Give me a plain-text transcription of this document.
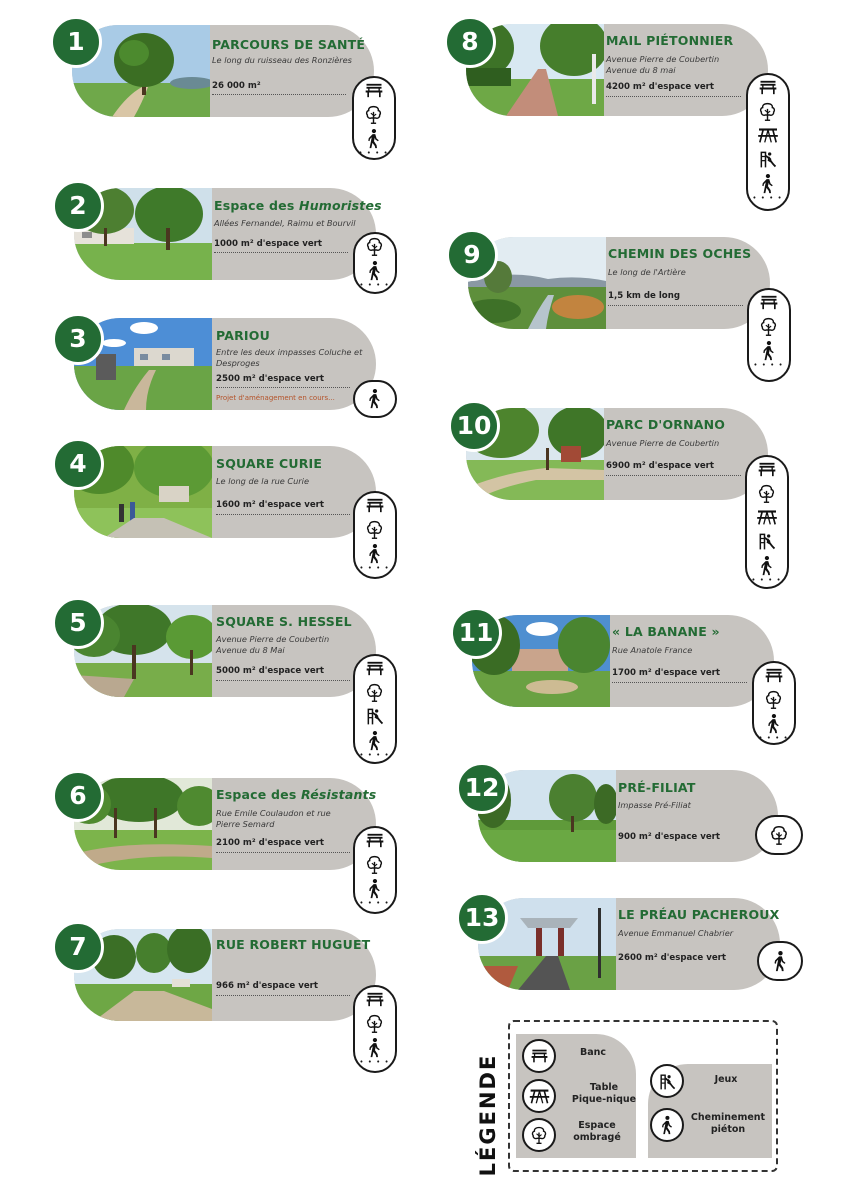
PARCOURS DE SANTÉ
Le long du ruisseau des Ronzières
26 000 m²
1
• • • •
Espace des Humoristes
Allées Fernandel, Raimu et Bourvil
1000 m² d'espace vert
2
• • • •
PARIOU
Entre les deux impasses Coluche et Desproges
2500 m² d'espace vert
Projet d'aménagement en cours...
3
SQUARE CURIE
Le long de la rue Curie
1600 m² d'espace vert
4
• • • •
SQUARE S. HESSEL
Avenue Pierre de Coubertin Avenue du 8 Mai
5000 m² d'espace vert
5
• • • •
Espace des Résistants
Rue Emile Coulaudon et rue Pierre Semard
2100 m² d'espace vert
6
• • • •
RUE ROBERT HUGUET
966 m² d'espace vert
7
• • • •
MAIL PIÉTONNIER
Avenue Pierre de Coubertin Avenue du 8 mai
4200 m² d'espace vert
8
• • • •
CHEMIN DES OCHES
Le long de l'Artière
1,5 km de long
9
• • • •
PARC D'ORNANO
Avenue Pierre de Coubertin
6900 m² d'espace vert
10
• • • •
« LA BANANE »
Rue Anatole France
1700 m² d'espace vert
11
• • • •
PRÉ-FILIAT
Impasse Pré-Filiat
900 m² d'espace vert
12
LE PRÉAU PACHEROUX
Avenue Emmanuel Chabrier
2600 m² d'espace vert
13
LÉGENDE
Banc
Table
Pique-nique
Espace
ombragé
Jeux
Cheminement
piéton
